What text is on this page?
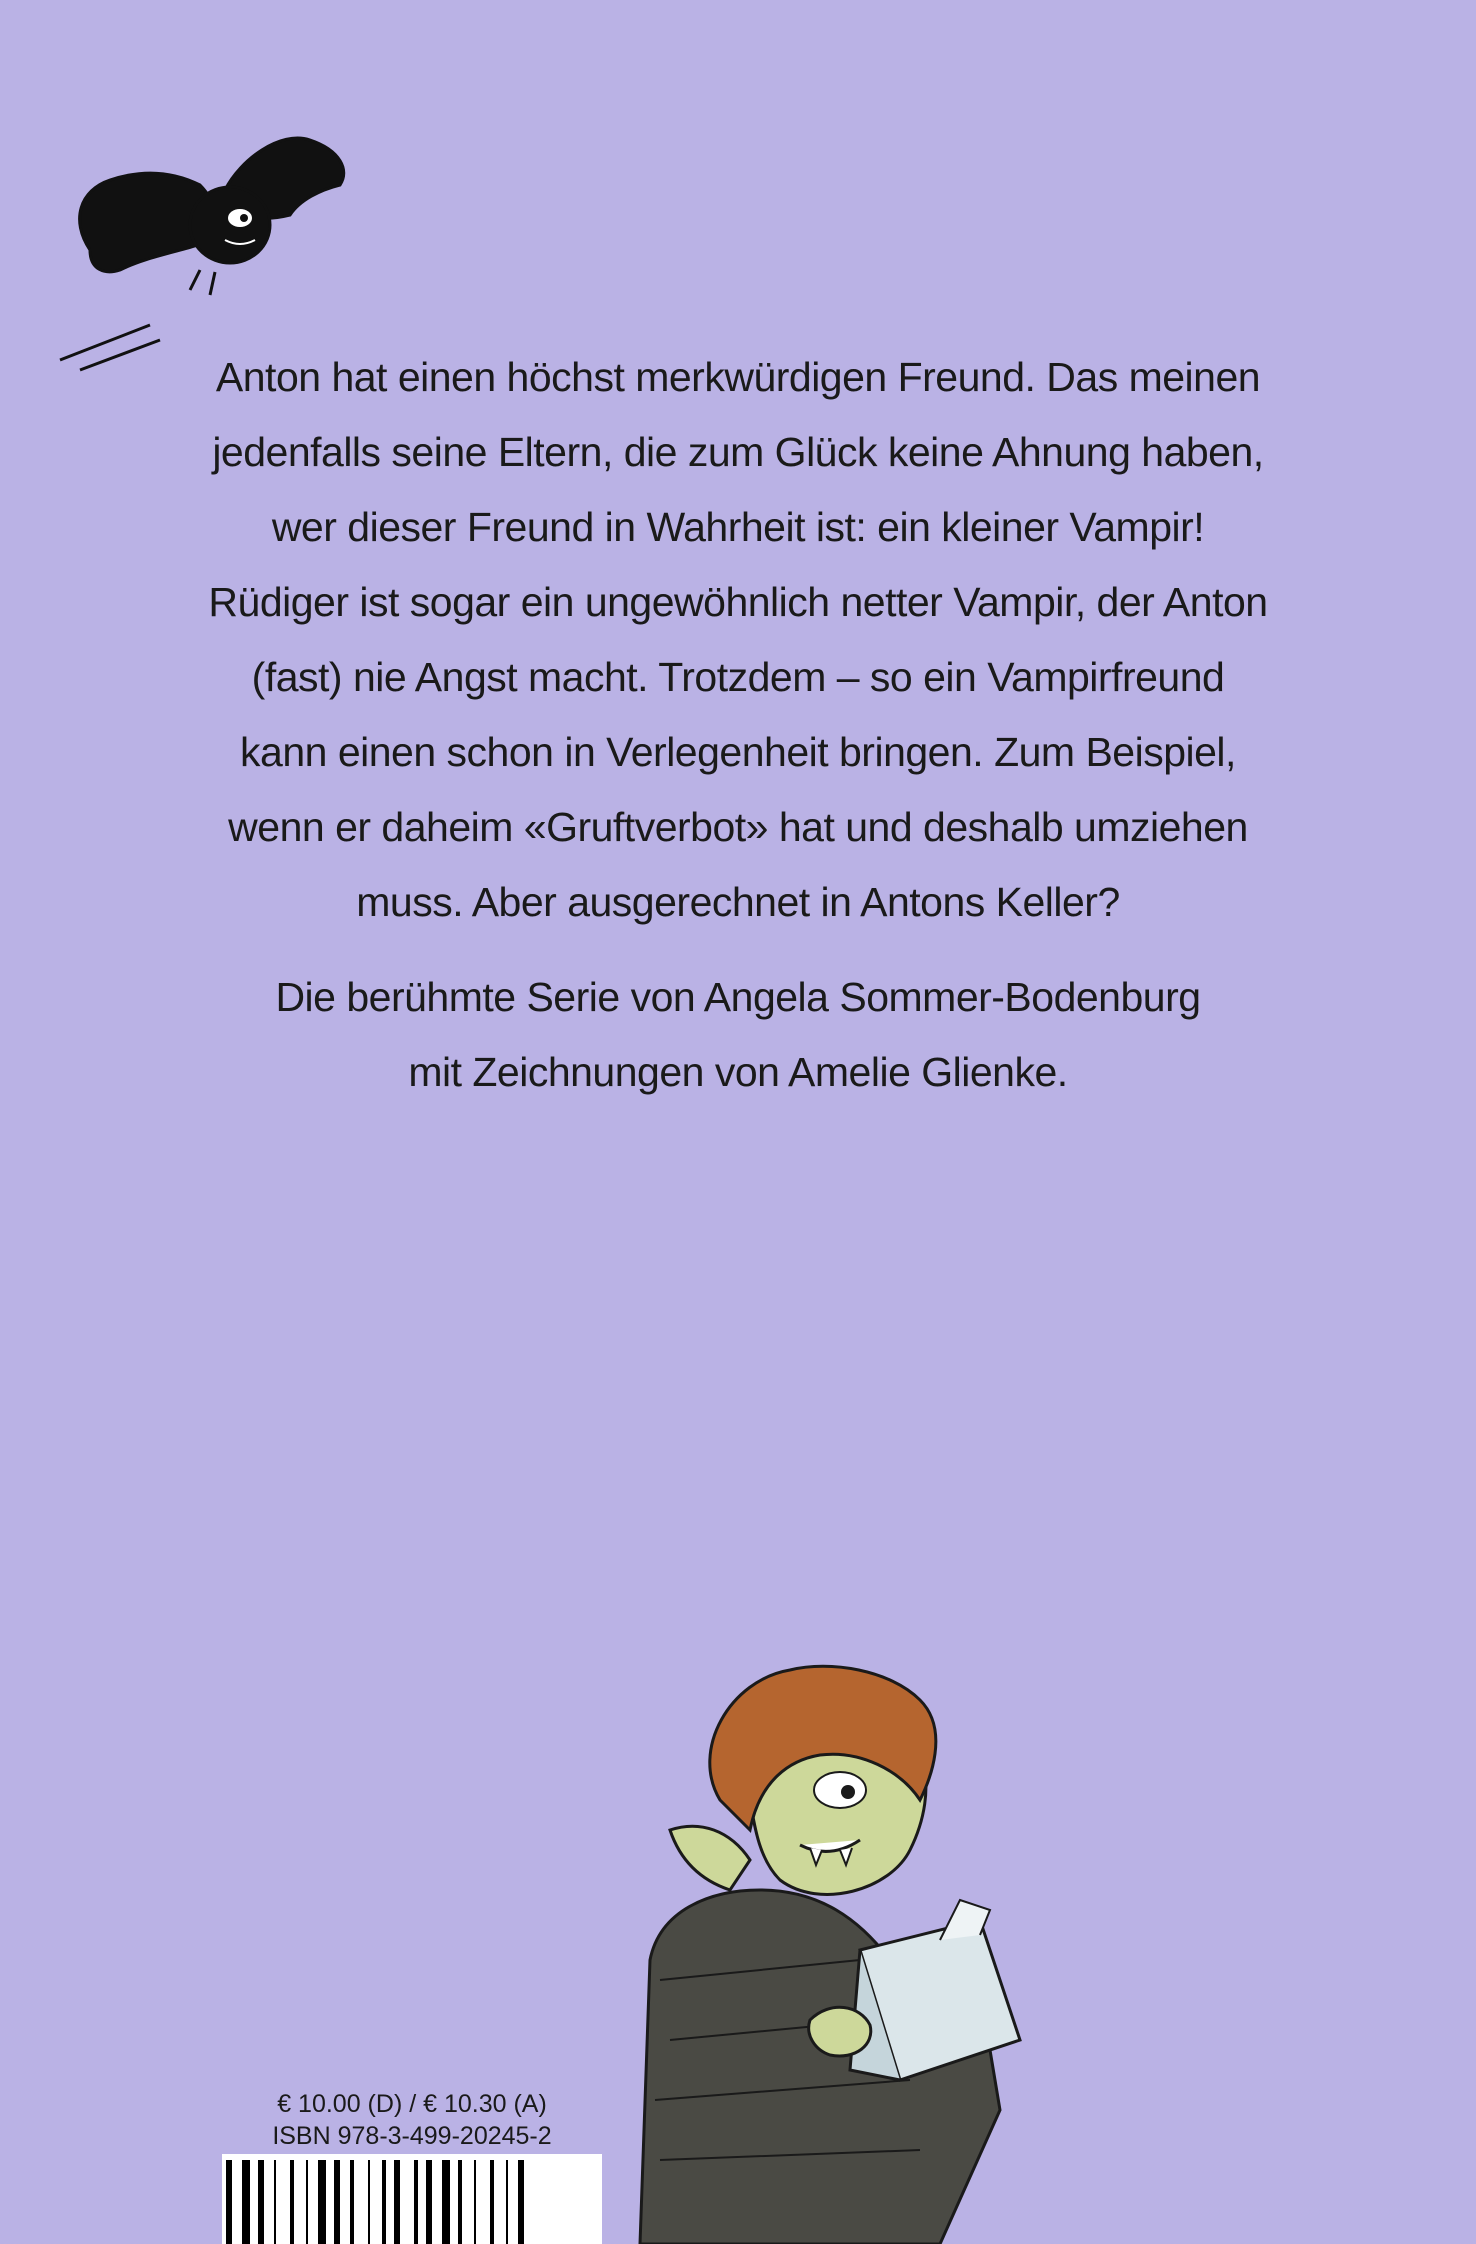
Anton hat einen höchst merkwürdigen Freund. Das meinen
jedenfalls seine Eltern, die zum Glück keine Ahnung haben,
wer dieser Freund in Wahrheit ist: ein kleiner Vampir!
Rüdiger ist sogar ein ungewöhnlich netter Vampir, der Anton
(fast) nie Angst macht. Trotzdem – so ein Vampirfreund
kann einen schon in Verlegenheit bringen. Zum Beispiel,
wenn er daheim «Gruftverbot» hat und deshalb umziehen
muss. Aber ausgerechnet in Antons Keller?

Die berühmte Serie von Angela Sommer-Bodenburg
mit Zeichnungen von Amelie Glienke.

€ 10.00 (D) / € 10.30 (A)
ISBN 978-3-499-20245-2
